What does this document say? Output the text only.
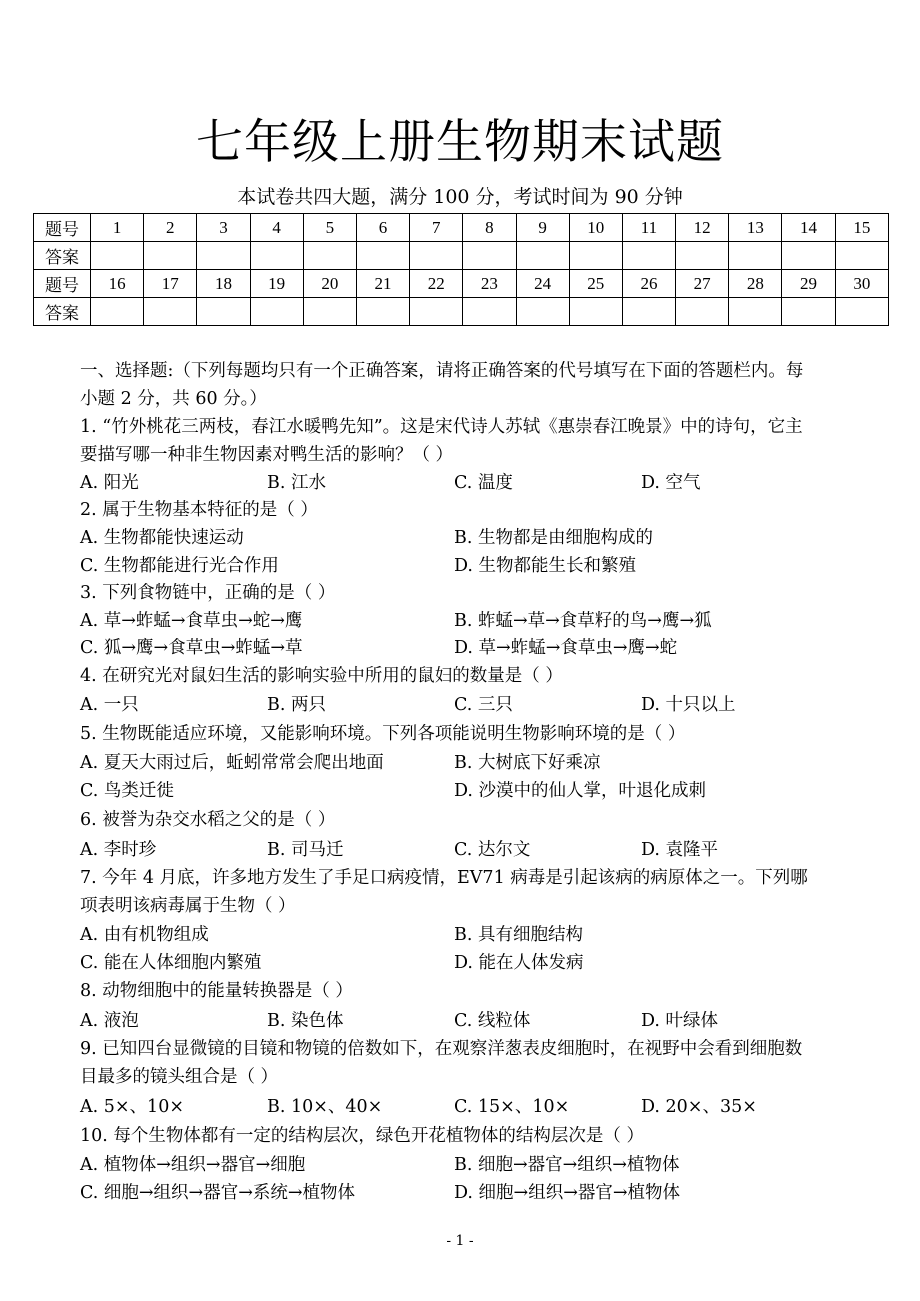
七年级上册生物期末试题
本试卷共四大题，满分 100 分，考试时间为 90 分钟
题号	1	2	3	4	5	6	7	8	9	10	11	12	13	14	15
答案															
题号	16	17	18	19	20	21	22	23	24	25	26	27	28	29	30
答案															
一、选择题:（下列每题均只有一个正确答案，请将正确答案的代号填写在下面的答题栏内。每
小题 2 分，共 60 分。）
1. “竹外桃花三两枝，春江水暖鸭先知”。这是宋代诗人苏轼《惠崇春江晚景》中的诗句，它主
要描写哪一种非生物因素对鸭生活的影响？（ ）
A. 阳光	B. 江水	C. 温度	D. 空气
2. 属于生物基本特征的是（ ）
A. 生物都能快速运动	B. 生物都是由细胞构成的
C. 生物都能进行光合作用	D. 生物都能生长和繁殖
3. 下列食物链中，正确的是（ ）
A. 草→蚱蜢→食草虫→蛇→鹰	B. 蚱蜢→草→食草籽的鸟→鹰→狐
C. 狐→鹰→食草虫→蚱蜢→草	D. 草→蚱蜢→食草虫→鹰→蛇
4. 在研究光对鼠妇生活的影响实验中所用的鼠妇的数量是（ ）
A. 一只	B. 两只	C. 三只	D. 十只以上
5. 生物既能适应环境，又能影响环境。下列各项能说明生物影响环境的是（ ）
A. 夏天大雨过后，蚯蚓常常会爬出地面	B. 大树底下好乘凉
C. 鸟类迁徙	D. 沙漠中的仙人掌，叶退化成刺
6. 被誉为杂交水稻之父的是（ ）
A. 李时珍	B. 司马迁	C. 达尔文	D. 袁隆平
7. 今年 4 月底，许多地方发生了手足口病疫情，EV71 病毒是引起该病的病原体之一。下列哪
项表明该病毒属于生物（ ）
A. 由有机物组成	B. 具有细胞结构
C. 能在人体细胞内繁殖	D. 能在人体发病
8. 动物细胞中的能量转换器是（ ）
A. 液泡	B. 染色体	C. 线粒体	D. 叶绿体
9. 已知四台显微镜的目镜和物镜的倍数如下，在观察洋葱表皮细胞时，在视野中会看到细胞数
目最多的镜头组合是（ ）
A. 5×、10×	B. 10×、40×	C. 15×、10×	D. 20×、35×
10. 每个生物体都有一定的结构层次，绿色开花植物体的结构层次是（ ）
A. 植物体→组织→器官→细胞	B. 细胞→器官→组织→植物体
C. 细胞→组织→器官→系统→植物体	D. 细胞→组织→器官→植物体
- 1 -
